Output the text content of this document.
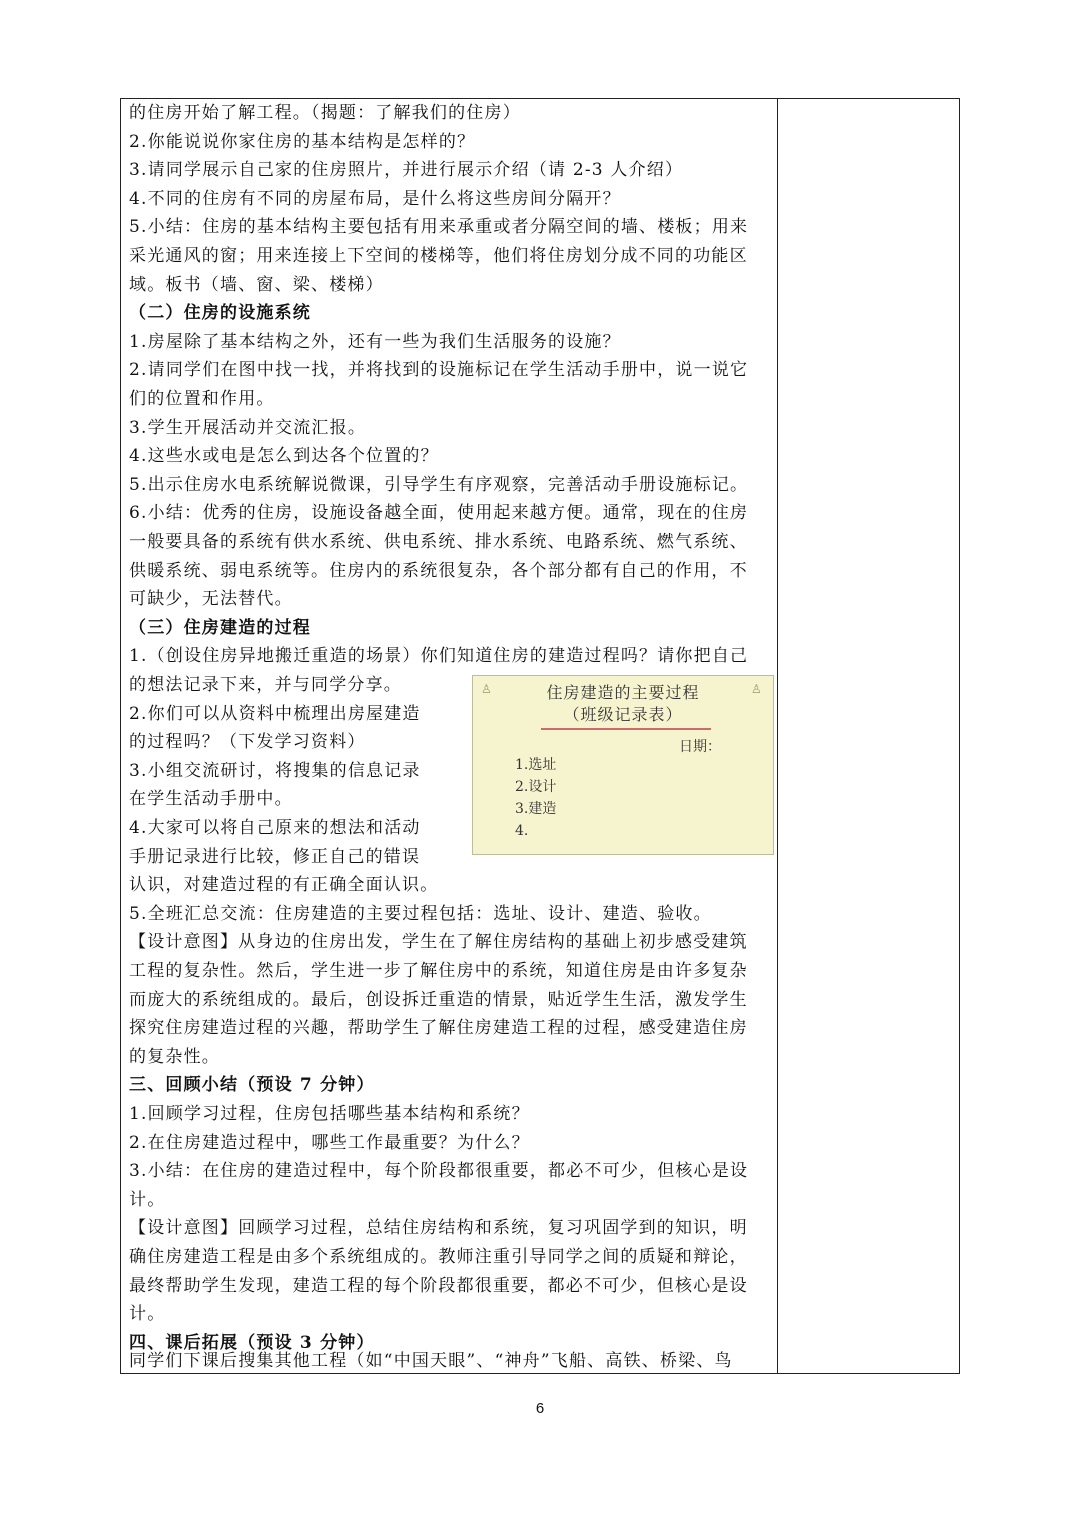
的住房开始了解工程。（揭题：了解我们的住房）
2.你能说说你家住房的基本结构是怎样的？
3.请同学展示自己家的住房照片，并进行展示介绍（请 2-3 人介绍）
4.不同的住房有不同的房屋布局，是什么将这些房间分隔开？
5.小结：住房的基本结构主要包括有用来承重或者分隔空间的墙、楼板；用来
采光通风的窗；用来连接上下空间的楼梯等，他们将住房划分成不同的功能区
域。板书（墙、窗、梁、楼梯）
（二）住房的设施系统
1.房屋除了基本结构之外，还有一些为我们生活服务的设施？
2.请同学们在图中找一找，并将找到的设施标记在学生活动手册中，说一说它
们的位置和作用。
3.学生开展活动并交流汇报。
4.这些水或电是怎么到达各个位置的？
5.出示住房水电系统解说微课，引导学生有序观察，完善活动手册设施标记。
6.小结：优秀的住房，设施设备越全面，使用起来越方便。通常，现在的住房
一般要具备的系统有供水系统、供电系统、排水系统、电路系统、燃气系统、
供暖系统、弱电系统等。住房内的系统很复杂，各个部分都有自己的作用，不
可缺少，无法替代。
（三）住房建造的过程
1.（创设住房异地搬迁重造的场景）你们知道住房的建造过程吗？请你把自己
的想法记录下来，并与同学分享。
2.你们可以从资料中梳理出房屋建造
的过程吗？（下发学习资料）
3.小组交流研讨，将搜集的信息记录
在学生活动手册中。
4.大家可以将自己原来的想法和活动
手册记录进行比较，修正自己的错误
认识，对建造过程的有正确全面认识。
5.全班汇总交流：住房建造的主要过程包括：选址、设计、建造、验收。
【设计意图】从身边的住房出发，学生在了解住房结构的基础上初步感受建筑
工程的复杂性。然后，学生进一步了解住房中的系统，知道住房是由许多复杂
而庞大的系统组成的。最后，创设拆迁重造的情景，贴近学生生活，激发学生
探究住房建造过程的兴趣，帮助学生了解住房建造工程的过程，感受建造住房
的复杂性。
三、回顾小结（预设 7 分钟）
1.回顾学习过程，住房包括哪些基本结构和系统？
2.在住房建造过程中，哪些工作最重要？为什么？
3.小结：在住房的建造过程中，每个阶段都很重要，都必不可少，但核心是设
计。
【设计意图】回顾学习过程，总结住房结构和系统，复习巩固学到的知识，明
确住房建造工程是由多个系统组成的。教师注重引导同学之间的质疑和辩论，
最终帮助学生发现，建造工程的每个阶段都很重要，都必不可少，但核心是设
计。
四、课后拓展（预设 3 分钟）
同学们下课后搜集其他工程（如“中国天眼”、“神舟”飞船、高铁、桥梁、鸟
♙	♙
住房建造的主要过程
（班级记录表）
日期：
1.选址
2.设计
3.建造
4.
6
